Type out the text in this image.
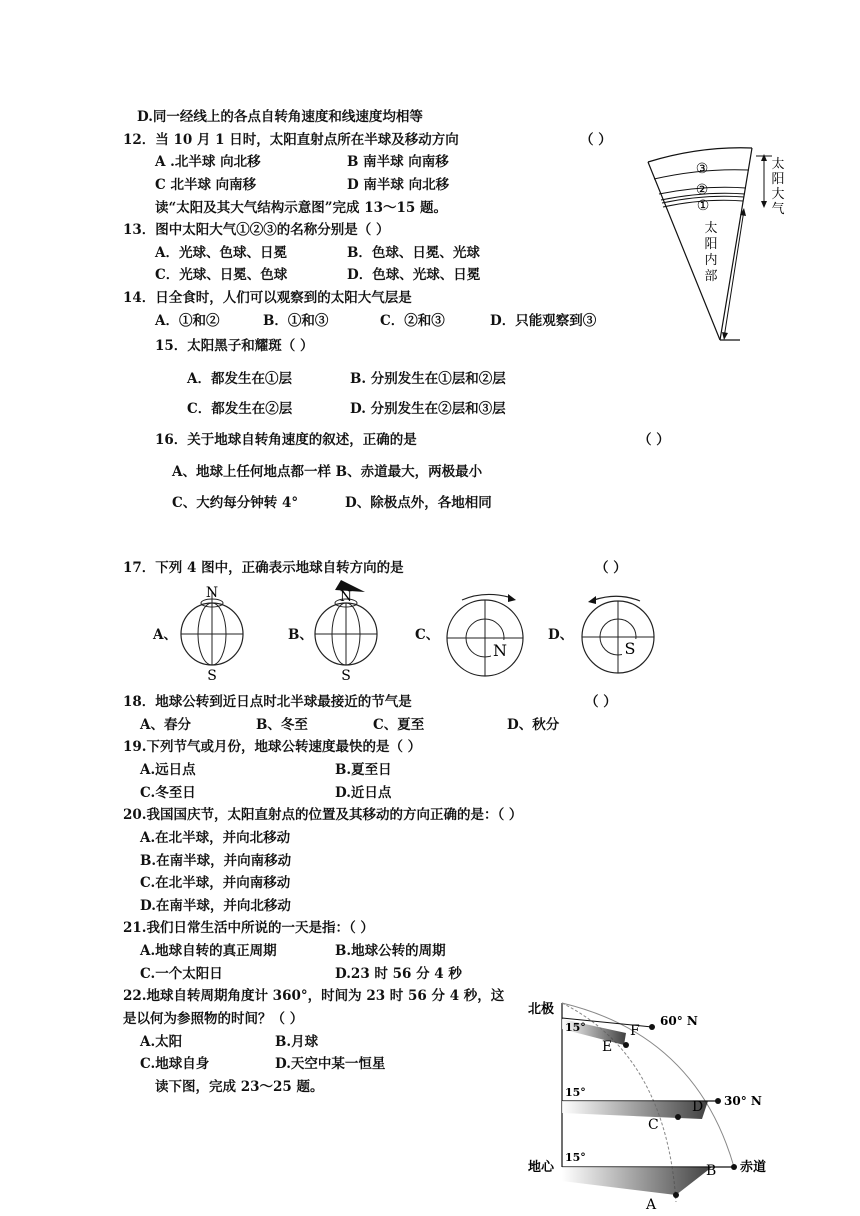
D.同一经线上的各点自转角速度和线速度均相等
12．当 10 月 1 日时，太阳直射点所在半球及移动方向	（ ）
A .北半球 向北移	B 南半球 向南移
C 北半球 向南移	D 南半球 向北移
读“太阳及其大气结构示意图”完成 13～15 题。
13．图中太阳大气①②③的名称分别是（ ）
A．光球、色球、日冕	B．色球、日冕、光球
C．光球、日冕、色球	D．色球、光球、日冕
14．日全食时，人们可以观察到的太阳大气层是
A．①和②	B．①和③	C．②和③	D．只能观察到③
15．太阳黑子和耀斑（ ）
A．都发生在①层	B. 分别发生在①层和②层
C．都发生在②层	D. 分别发生在②层和③层
16．关于地球自转角速度的叙述，正确的是	（ ）
A、地球上任何地点都一样 B、赤道最大，两极最小
C、大约每分钟转 4°	D、除极点外，各地相同
17．下列 4 图中，正确表示地球自转方向的是	（ ）
A、	B、	C、	D、
18．地球公转到近日点时北半球最接近的节气是	（ ）
A、春分	B、冬至	C、夏至	D、秋分
19.下列节气或月份，地球公转速度最快的是（ ）
A.远日点	B.夏至日
C.冬至日	D.近日点
20.我国国庆节，太阳直射点的位置及其移动的方向正确的是：（ ）
A.在北半球，并向北移动
B.在南半球，并向南移动
C.在北半球，并向南移动
D.在南半球，并向北移动
21.我们日常生活中所说的一天是指：（ ）
A.地球自转的真正周期	B.地球公转的周期
C.一个太阳日	D.23 时 56 分 4 秒
22.地球自转周期角度计 360°，时间为 23 时 56 分 4 秒，这
是以何为参照物的时间？（ ）
A.太阳	B.月球
C.地球自身	D.天空中某一恒星
读下图，完成 23～25 题。
③
②
①
太
阳
大
气
太
阳
内
部
N
S
N
S
N	S
北极
地心	赤道
60° N
30° N
15°
15°
15°
A
B
C
D
E
F
